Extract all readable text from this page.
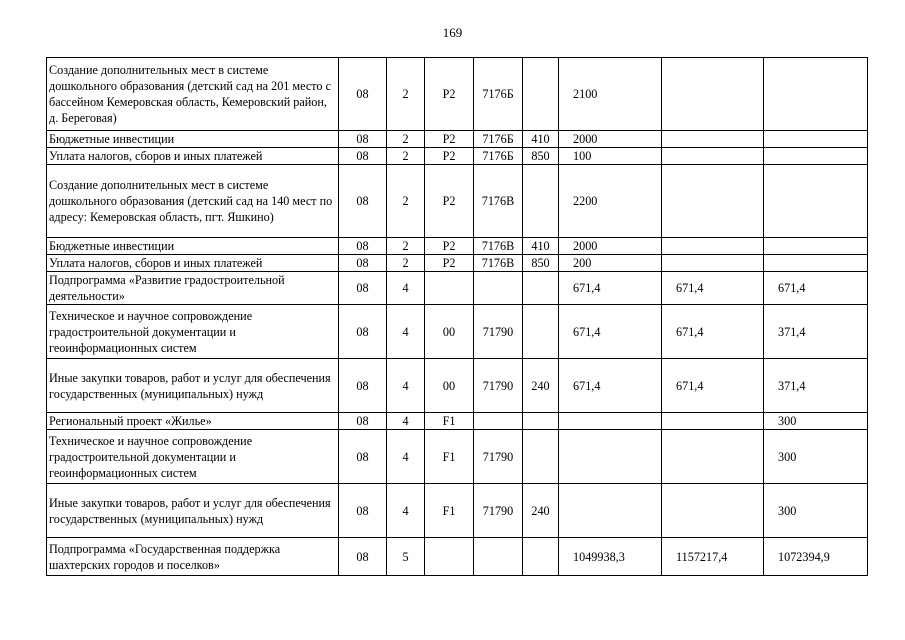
169
Создание дополнительных мест в системе дошкольного образования (детский сад на 201 место с бассейном Кемеровская область, Кемеровский район, д. Береговая)	08	2	Р2	7176Б		2100		
Бюджетные инвестиции	08	2	Р2	7176Б	410	2000		
Уплата налогов, сборов и иных платежей	08	2	Р2	7176Б	850	100		
Создание дополнительных мест в системе дошкольного образования (детский сад на 140 мест по адресу: Кемеровская область, пгт. Яшкино)	08	2	Р2	7176В		2200		
Бюджетные инвестиции	08	2	Р2	7176В	410	2000		
Уплата налогов, сборов и иных платежей	08	2	Р2	7176В	850	200		
Подпрограмма «Развитие градостроительной деятельности»	08	4				671,4	671,4	671,4
Техническое и научное сопровождение градостроительной документации и геоинформационных систем	08	4	00	71790		671,4	671,4	371,4
Иные закупки товаров, работ и услуг для обеспечения государственных (муниципальных) нужд	08	4	00	71790	240	671,4	671,4	371,4
Региональный проект «Жилье»	08	4	F1					300
Техническое и научное сопровождение градостроительной документации и геоинформационных систем	08	4	F1	71790				300
Иные закупки товаров, работ и услуг для обеспечения государственных (муниципальных) нужд	08	4	F1	71790	240			300
Подпрограмма «Государственная поддержка шахтерских городов и поселков»	08	5				1049938,3	1157217,4	1072394,9
